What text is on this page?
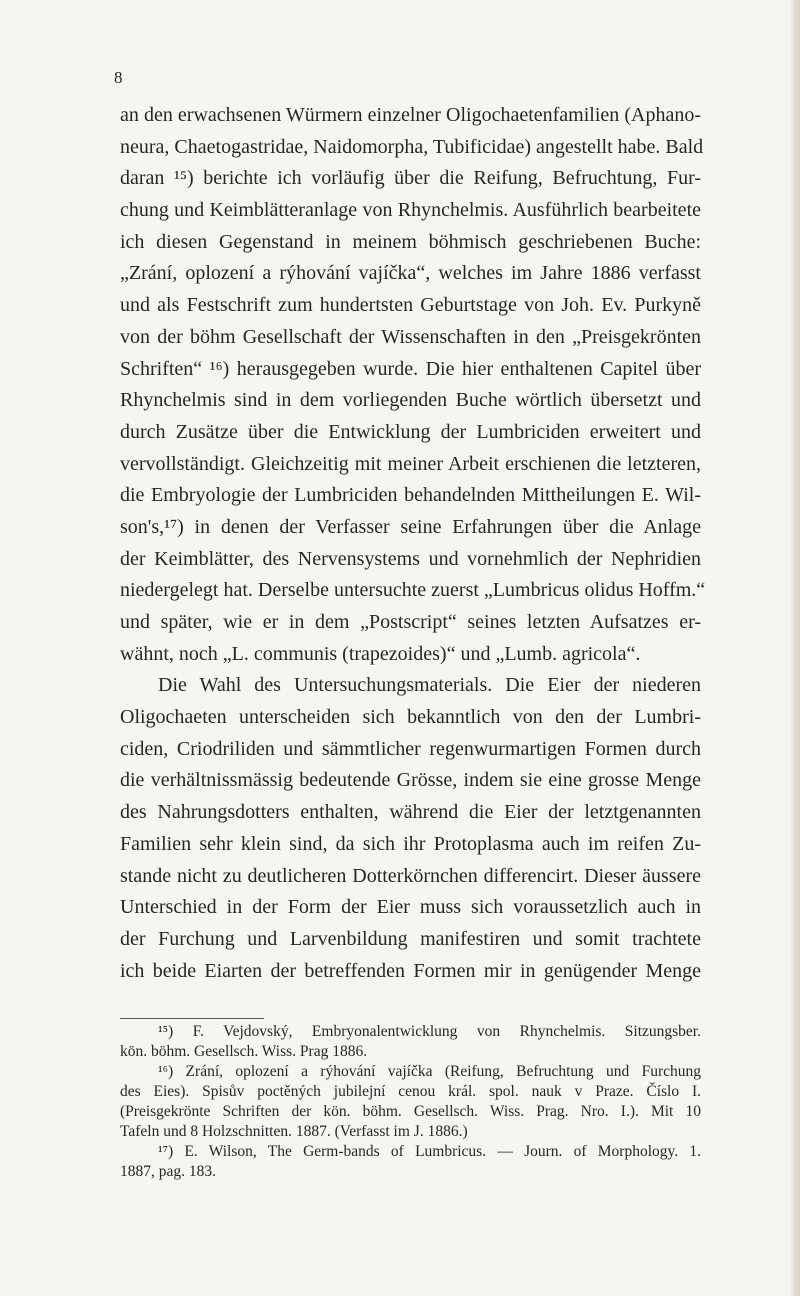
8
an den erwachsenen Würmern einzelner Oligochaetenfamilien (Aphano-
neura, Chaetogastridae, Naidomorpha, Tubificidae) angestellt habe. Bald
daran ¹⁵) berichte ich vorläufig über die Reifung, Befruchtung, Fur-
chung und Keimblätteranlage von Rhynchelmis. Ausführlich bearbeitete
ich diesen Gegenstand in meinem böhmisch geschriebenen Buche:
„Zrání, oplození a rýhování vajíčka“, welches im Jahre 1886 verfasst
und als Festschrift zum hundertsten Geburtstage von Joh. Ev. Purkyně
von der böhm Gesellschaft der Wissenschaften in den „Preisgekrönten
Schriften“ ¹⁶) herausgegeben wurde. Die hier enthaltenen Capitel über
Rhynchelmis sind in dem vorliegenden Buche wörtlich übersetzt und
durch Zusätze über die Entwicklung der Lumbriciden erweitert und
vervollständigt. Gleichzeitig mit meiner Arbeit erschienen die letzteren,
die Embryologie der Lumbriciden behandelnden Mittheilungen E. Wil-
son's,¹⁷) in denen der Verfasser seine Erfahrungen über die Anlage
der Keimblätter, des Nervensystems und vornehmlich der Nephridien
niedergelegt hat. Derselbe untersuchte zuerst „Lumbricus olidus Hoffm.“
und später, wie er in dem „Postscript“ seines letzten Aufsatzes er-
wähnt, noch „L. communis (trapezoides)“ und „Lumb. agricola“.
Die Wahl des Untersuchungsmaterials. Die Eier der niederen
Oligochaeten unterscheiden sich bekanntlich von den der Lumbri-
ciden, Criodriliden und sämmtlicher regenwurmartigen Formen durch
die verhältnissmässig bedeutende Grösse, indem sie eine grosse Menge
des Nahrungsdotters enthalten, während die Eier der letztgenannten
Familien sehr klein sind, da sich ihr Protoplasma auch im reifen Zu-
stande nicht zu deutlicheren Dotterkörnchen differencirt. Dieser äussere
Unterschied in der Form der Eier muss sich voraussetzlich auch in
der Furchung und Larvenbildung manifestiren und somit trachtete
ich beide Eiarten der betreffenden Formen mir in genügender Menge
¹⁵) F. Vejdovský, Embryonalentwicklung von Rhynchelmis. Sitzungsber.
kön. böhm. Gesellsch. Wiss. Prag 1886.
¹⁶) Zrání, oplození a rýhování vajíčka (Reifung, Befruchtung und Furchung
des Eies). Spisův poctěných jubilejní cenou král. spol. nauk v Praze. Číslo I.
(Preisgekrönte Schriften der kön. böhm. Gesellsch. Wiss. Prag. Nro. I.). Mit 10
Tafeln und 8 Holzschnitten. 1887. (Verfasst im J. 1886.)
¹⁷) E. Wilson, The Germ-bands of Lumbricus. — Journ. of Morphology. 1.
1887, pag. 183.
